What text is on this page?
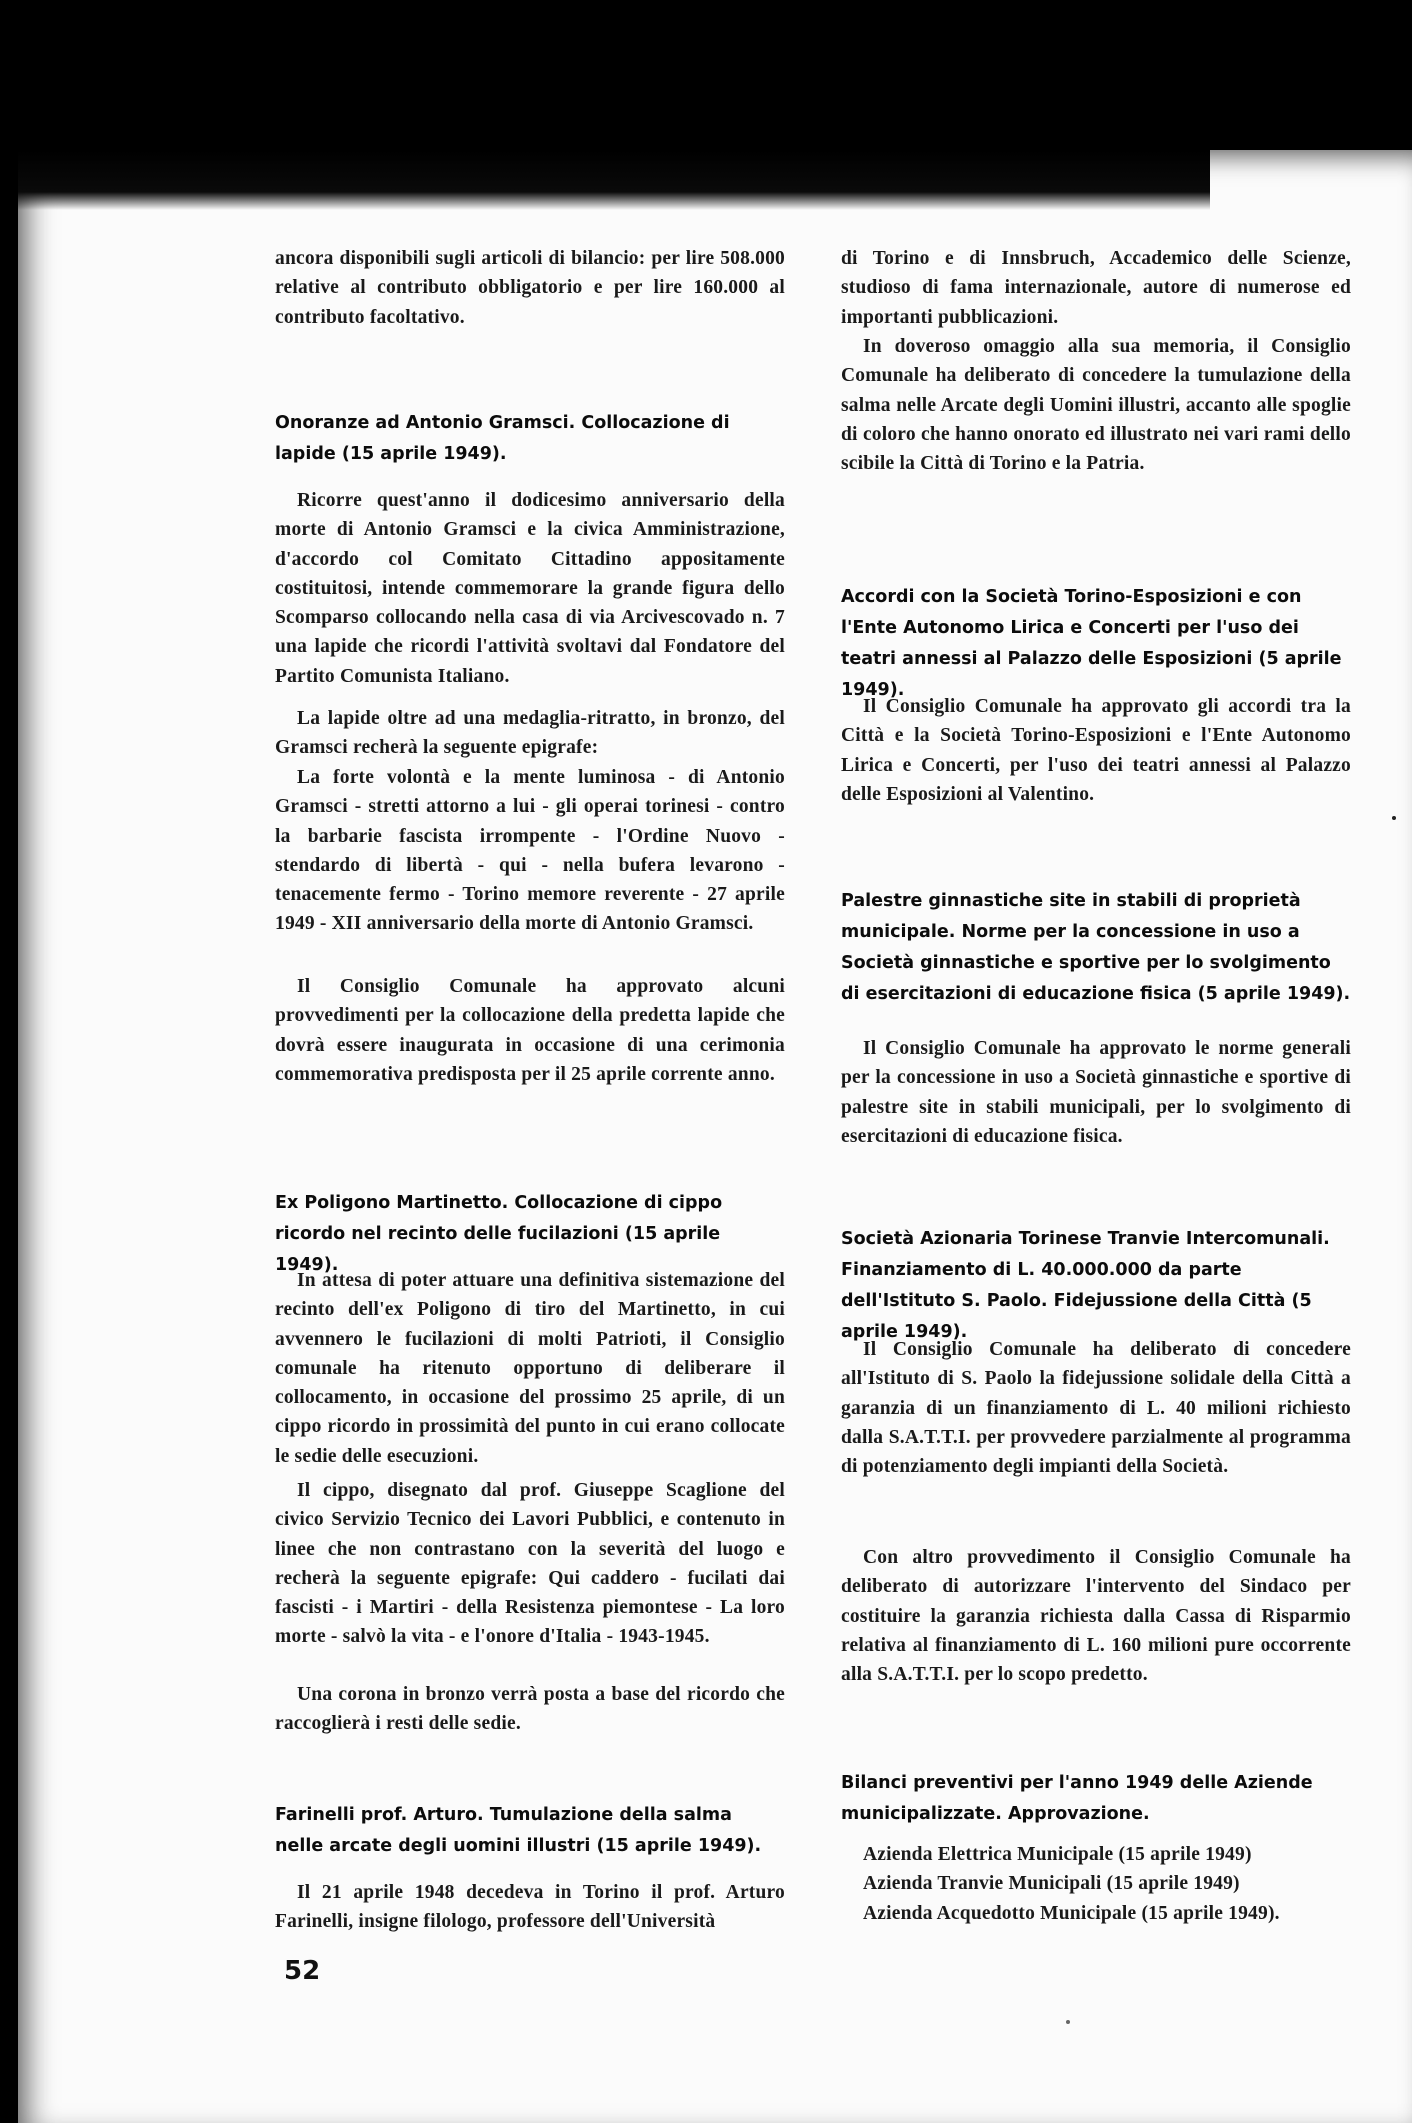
ancora disponibili sugli articoli di bilancio: per lire 508.000 relative al contributo obbligatorio e per lire 160.000 al contributo facoltativo.

Onoranze ad Antonio Gramsci. Collocazione di lapide (15 aprile 1949).

Ricorre quest'anno il dodicesimo anniversario della morte di Antonio Gramsci e la civica Amministrazione, d'accordo col Comitato Cittadino appositamente costituitosi, intende commemorare la grande figura dello Scomparso collocando nella casa di via Arcivescovado n. 7 una lapide che ricordi l'attività svoltavi dal Fondatore del Partito Comunista Italiano.

La lapide oltre ad una medaglia-ritratto, in bronzo, del Gramsci recherà la seguente epigrafe:

La forte volontà e la mente luminosa - di Antonio Gramsci - stretti attorno a lui - gli operai torinesi - contro la barbarie fascista irrompente - l'Ordine Nuovo - stendardo di libertà - qui - nella bufera levarono - tenacemente fermo - Torino memore reverente - 27 aprile 1949 - XII anniversario della morte di Antonio Gramsci.

Il Consiglio Comunale ha approvato alcuni provvedimenti per la collocazione della predetta lapide che dovrà essere inaugurata in occasione di una cerimonia commemorativa predisposta per il 25 aprile corrente anno.

Ex Poligono Martinetto. Collocazione di cippo ricordo nel recinto delle fucilazioni (15 aprile 1949).

In attesa di poter attuare una definitiva sistemazione del recinto dell'ex Poligono di tiro del Martinetto, in cui avvennero le fucilazioni di molti Patrioti, il Consiglio comunale ha ritenuto opportuno di deliberare il collocamento, in occasione del prossimo 25 aprile, di un cippo ricordo in prossimità del punto in cui erano collocate le sedie delle esecuzioni.

Il cippo, disegnato dal prof. Giuseppe Scaglione del civico Servizio Tecnico dei Lavori Pubblici, e contenuto in linee che non contrastano con la severità del luogo e recherà la seguente epigrafe: Qui caddero - fucilati dai fascisti - i Martiri - della Resistenza piemontese - La loro morte - salvò la vita - e l'onore d'Italia - 1943-1945.

Una corona in bronzo verrà posta a base del ricordo che raccoglierà i resti delle sedie.

Farinelli prof. Arturo. Tumulazione della salma nelle arcate degli uomini illustri (15 aprile 1949).

Il 21 aprile 1948 decedeva in Torino il prof. Arturo Farinelli, insigne filologo, professore dell'Università

di Torino e di Innsbruch, Accademico delle Scienze, studioso di fama internazionale, autore di numerose ed importanti pubblicazioni.

In doveroso omaggio alla sua memoria, il Consiglio Comunale ha deliberato di concedere la tumulazione della salma nelle Arcate degli Uomini illustri, accanto alle spoglie di coloro che hanno onorato ed illustrato nei vari rami dello scibile la Città di Torino e la Patria.

Accordi con la Società Torino-Esposizioni e con l'Ente Autonomo Lirica e Concerti per l'uso dei teatri annessi al Palazzo delle Esposizioni (5 aprile 1949).

Il Consiglio Comunale ha approvato gli accordi tra la Città e la Società Torino-Esposizioni e l'Ente Autonomo Lirica e Concerti, per l'uso dei teatri annessi al Palazzo delle Esposizioni al Valentino.

Palestre ginnastiche site in stabili di proprietà municipale. Norme per la concessione in uso a Società ginnastiche e sportive per lo svolgimento di esercitazioni di educazione fisica (5 aprile 1949).

Il Consiglio Comunale ha approvato le norme generali per la concessione in uso a Società ginnastiche e sportive di palestre site in stabili municipali, per lo svolgimento di esercitazioni di educazione fisica.

Società Azionaria Torinese Tranvie Intercomunali. Finanziamento di L. 40.000.000 da parte dell'Istituto S. Paolo. Fidejussione della Città (5 aprile 1949).

Il Consiglio Comunale ha deliberato di concedere all'Istituto di S. Paolo la fidejussione solidale della Città a garanzia di un finanziamento di L. 40 milioni richiesto dalla S.A.T.T.I. per provvedere parzialmente al programma di potenziamento degli impianti della Società.

Con altro provvedimento il Consiglio Comunale ha deliberato di autorizzare l'intervento del Sindaco per costituire la garanzia richiesta dalla Cassa di Risparmio relativa al finanziamento di L. 160 milioni pure occorrente alla S.A.T.T.I. per lo scopo predetto.

Bilanci preventivi per l'anno 1949 delle Aziende municipalizzate. Approvazione.
Azienda Elettrica Municipale (15 aprile 1949)
Azienda Tranvie Municipali (15 aprile 1949)
Azienda Acquedotto Municipale (15 aprile 1949).
52
